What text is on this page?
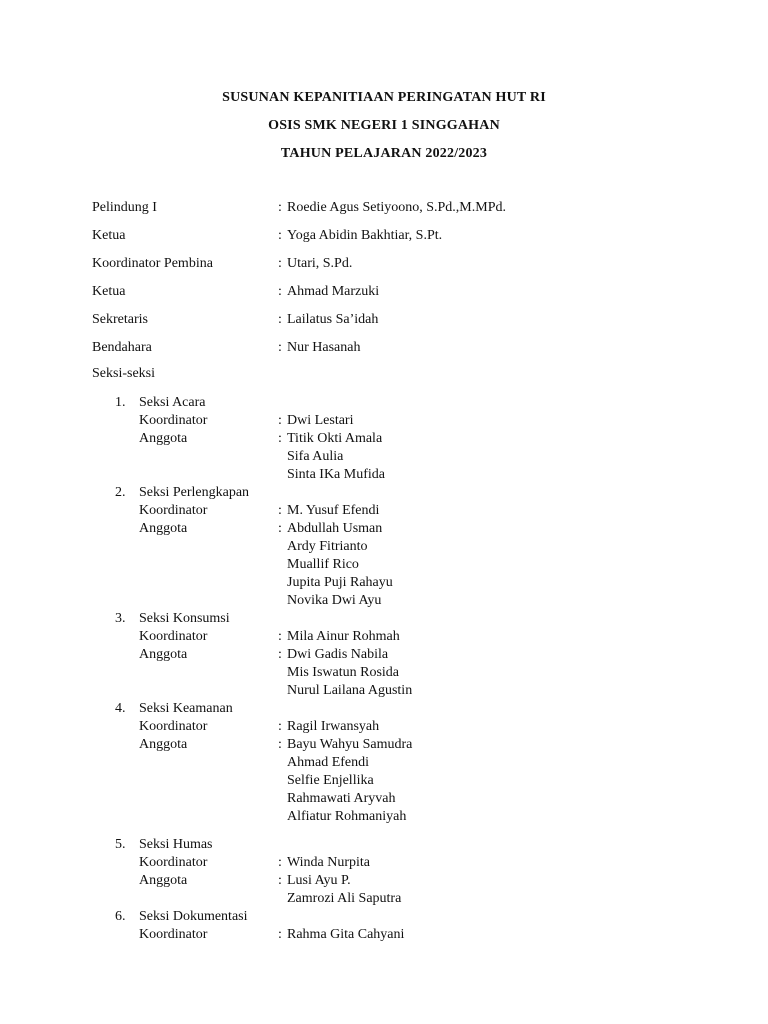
SUSUNAN KEPANITIAAN PERINGATAN HUT RI
OSIS SMK NEGERI 1 SINGGAHAN
TAHUN PELAJARAN 2022/2023
Pelindung I	: Roedie Agus Setiyoono, S.Pd.,M.MPd.
Ketua	: Yoga Abidin Bakhtiar, S.Pt.
Koordinator Pembina	: Utari, S.Pd.
Ketua	: Ahmad Marzuki
Sekretaris	: Lailatus Sa’idah
Bendahara	: Nur Hasanah
Seksi-seksi
1. Seksi Acara
Koordinator	: Dwi Lestari
Anggota	: Titik Okti Amala
Sifa Aulia
Sinta IKa Mufida
2. Seksi Perlengkapan
Koordinator	: M. Yusuf Efendi
Anggota	: Abdullah Usman
Ardy Fitrianto
Muallif Rico
Jupita Puji Rahayu
Novika Dwi Ayu
3. Seksi Konsumsi
Koordinator	: Mila Ainur Rohmah
Anggota	: Dwi Gadis Nabila
Mis Iswatun Rosida
Nurul Lailana Agustin
4. Seksi Keamanan
Koordinator	: Ragil Irwansyah
Anggota	: Bayu Wahyu Samudra
Ahmad Efendi
Selfie Enjellika
Rahmawati Aryvah
Alfiatur Rohmaniyah
5. Seksi Humas
Koordinator	: Winda Nurpita
Anggota	: Lusi Ayu P.
Zamrozi Ali Saputra
6. Seksi Dokumentasi
Koordinator	: Rahma Gita Cahyani
